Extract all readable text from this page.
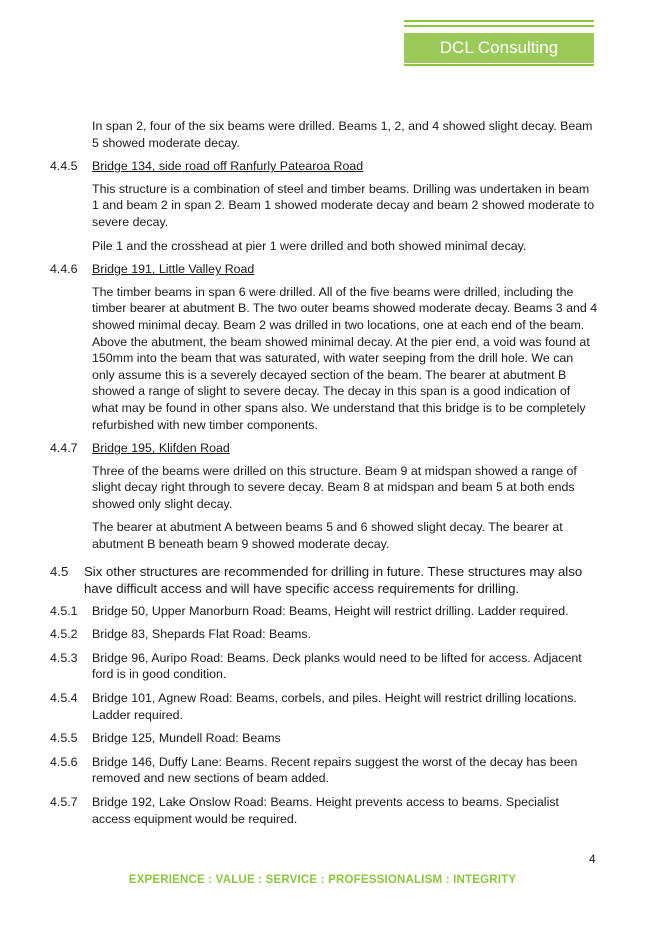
DCL Consulting

In span 2, four of the six beams were drilled. Beams 1, 2, and 4 showed slight decay. Beam 5 showed moderate decay.

4.4.5	Bridge 134, side road off Ranfurly Patearoa Road

This structure is a combination of steel and timber beams. Drilling was undertaken in beam 1 and beam 2 in span 2. Beam 1 showed moderate decay and beam 2 showed moderate to severe decay.

Pile 1 and the crosshead at pier 1 were drilled and both showed minimal decay.

4.4.6	Bridge 191, Little Valley Road

The timber beams in span 6 were drilled. All of the five beams were drilled, including the timber bearer at abutment B. The two outer beams showed moderate decay. Beams 3 and 4 showed minimal decay. Beam 2 was drilled in two locations, one at each end of the beam. Above the abutment, the beam showed minimal decay. At the pier end, a void was found at 150mm into the beam that was saturated, with water seeping from the drill hole. We can only assume this is a severely decayed section of the beam. The bearer at abutment B showed a range of slight to severe decay. The decay in this span is a good indication of what may be found in other spans also. We understand that this bridge is to be completely refurbished with new timber components.

4.4.7	Bridge 195, Klifden Road

Three of the beams were drilled on this structure. Beam 9 at midspan showed a range of slight decay right through to severe decay. Beam 8 at midspan and beam 5 at both ends showed only slight decay.

The bearer at abutment A between beams 5 and 6 showed slight decay. The bearer at abutment B beneath beam 9 showed moderate decay.

4.5	Six other structures are recommended for drilling in future. These structures may also have difficult access and will have specific access requirements for drilling.
4.5.1	Bridge 50, Upper Manorburn Road: Beams, Height will restrict drilling. Ladder required.
4.5.2	Bridge 83, Shepards Flat Road: Beams.
4.5.3	Bridge 96, Auripo Road: Beams. Deck planks would need to be lifted for access. Adjacent ford is in good condition.
4.5.4	Bridge 101, Agnew Road: Beams, corbels, and piles. Height will restrict drilling locations. Ladder required.
4.5.5	Bridge 125, Mundell Road: Beams
4.5.6	Bridge 146, Duffy Lane: Beams. Recent repairs suggest the worst of the decay has been removed and new sections of beam added.
4.5.7	Bridge 192, Lake Onslow Road: Beams. Height prevents access to beams. Specialist access equipment would be required.
4
EXPERIENCE : VALUE : SERVICE : PROFESSIONALISM : INTEGRITY
